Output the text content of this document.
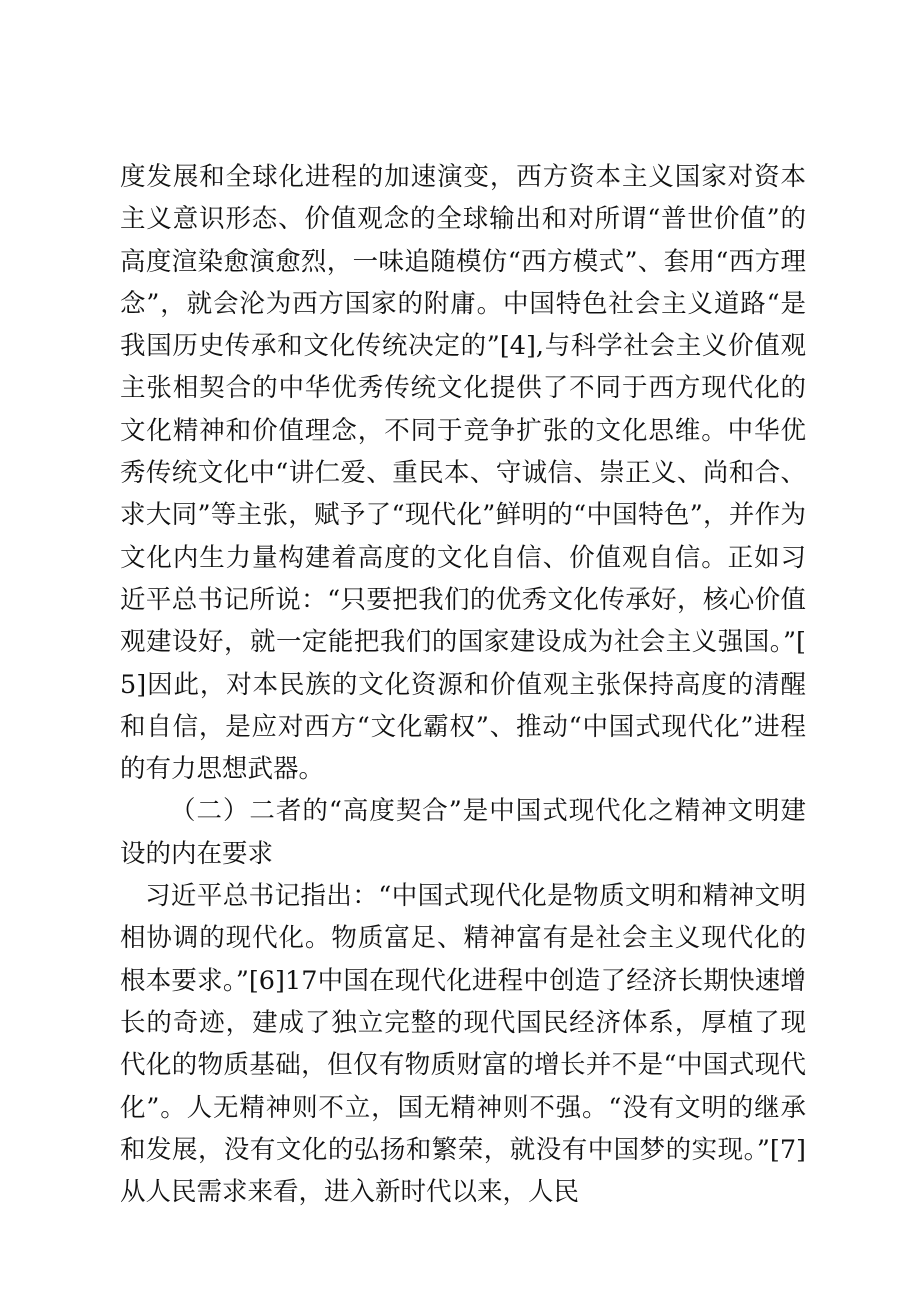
度发展和全球化进程的加速演变，西方资本主义国家对资本主义意识形态、价值观念的全球输出和对所谓“普世价值”的高度渲染愈演愈烈，一味追随模仿“西方模式”、套用“西方理念”，就会沦为西方国家的附庸。中国特色社会主义道路“是我国历史传承和文化传统决定的”[4],与科学社会主义价值观主张相契合的中华优秀传统文化提供了不同于西方现代化的文化精神和价值理念，不同于竞争扩张的文化思维。中华优秀传统文化中“讲仁爱、重民本、守诚信、崇正义、尚和合、求大同”等主张，赋予了“现代化”鲜明的“中国特色”，并作为文化内生力量构建着高度的文化自信、价值观自信。正如习近平总书记所说：“只要把我们的优秀文化传承好，核心价值观建设好，就一定能把我们的国家建设成为社会主义强国。”[5]因此，对本民族的文化资源和价值观主张保持高度的清醒和自信，是应对西方“文化霸权”、推动“中国式现代化”进程的有力思想武器。

（二）二者的“高度契合”是中国式现代化之精神文明建设的内在要求

习近平总书记指出：“中国式现代化是物质文明和精神文明相协调的现代化。物质富足、精神富有是社会主义现代化的根本要求。”[6]17中国在现代化进程中创造了经济长期快速增长的奇迹，建成了独立完整的现代国民经济体系，厚植了现代化的物质基础，但仅有物质财富的增长并不是“中国式现代化”。人无精神则不立，国无精神则不强。“没有文明的继承和发展，没有文化的弘扬和繁荣，就没有中国梦的实现。”[7]从人民需求来看，进入新时代以来，人民
